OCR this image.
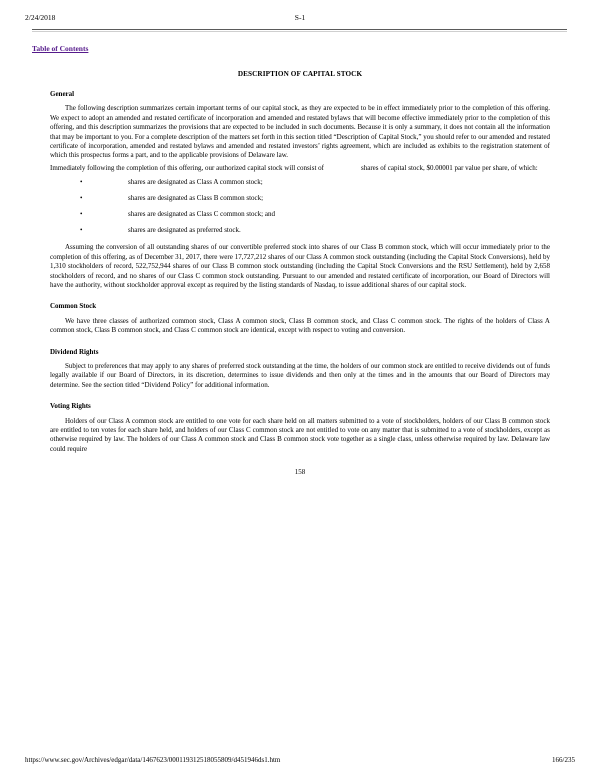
2/24/2018	S-1
Table of Contents
DESCRIPTION OF CAPITAL STOCK
General

The following description summarizes certain important terms of our capital stock, as they are expected to be in effect immediately prior to the completion of this offering. We expect to adopt an amended and restated certificate of incorporation and amended and restated bylaws that will become effective immediately prior to the completion of this offering, and this description summarizes the provisions that are expected to be included in such documents. Because it is only a summary, it does not contain all the information that may be important to you. For a complete description of the matters set forth in this section titled “Description of Capital Stock,” you should refer to our amended and restated certificate of incorporation, amended and restated bylaws and amended and restated investors’ rights agreement, which are included as exhibits to the registration statement of which this prospectus forms a part, and to the applicable provisions of Delaware law.

Immediately following the completion of this offering, our authorized capital stock will consist of	shares of capital stock, $0.00001 par value per share, of which:

•	shares are designated as Class A common stock;
•	shares are designated as Class B common stock;
•	shares are designated as Class C common stock; and
•	shares are designated as preferred stock.

Assuming the conversion of all outstanding shares of our convertible preferred stock into shares of our Class B common stock, which will occur immediately prior to the completion of this offering, as of December 31, 2017, there were 17,727,212 shares of our Class A common stock outstanding (including the Capital Stock Conversions), held by 1,310 stockholders of record, 522,752,944 shares of our Class B common stock outstanding (including the Capital Stock Conversions and the RSU Settlement), held by 2,658 stockholders of record, and no shares of our Class C common stock outstanding. Pursuant to our amended and restated certificate of incorporation, our Board of Directors will have the authority, without stockholder approval except as required by the listing standards of Nasdaq, to issue additional shares of our capital stock.

Common Stock

We have three classes of authorized common stock, Class A common stock, Class B common stock, and Class C common stock. The rights of the holders of Class A common stock, Class B common stock, and Class C common stock are identical, except with respect to voting and conversion.

Dividend Rights

Subject to preferences that may apply to any shares of preferred stock outstanding at the time, the holders of our common stock are entitled to receive dividends out of funds legally available if our Board of Directors, in its discretion, determines to issue dividends and then only at the times and in the amounts that our Board of Directors may determine. See the section titled “Dividend Policy” for additional information.

Voting Rights

Holders of our Class A common stock are entitled to one vote for each share held on all matters submitted to a vote of stockholders, holders of our Class B common stock are entitled to ten votes for each share held, and holders of our Class C common stock are not entitled to vote on any matter that is submitted to a vote of stockholders, except as otherwise required by law. The holders of our Class A common stock and Class B common stock vote together as a single class, unless otherwise required by law. Delaware law could require

158
https://www.sec.gov/Archives/edgar/data/1467623/000119312518055809/d451946ds1.htm	166/235
